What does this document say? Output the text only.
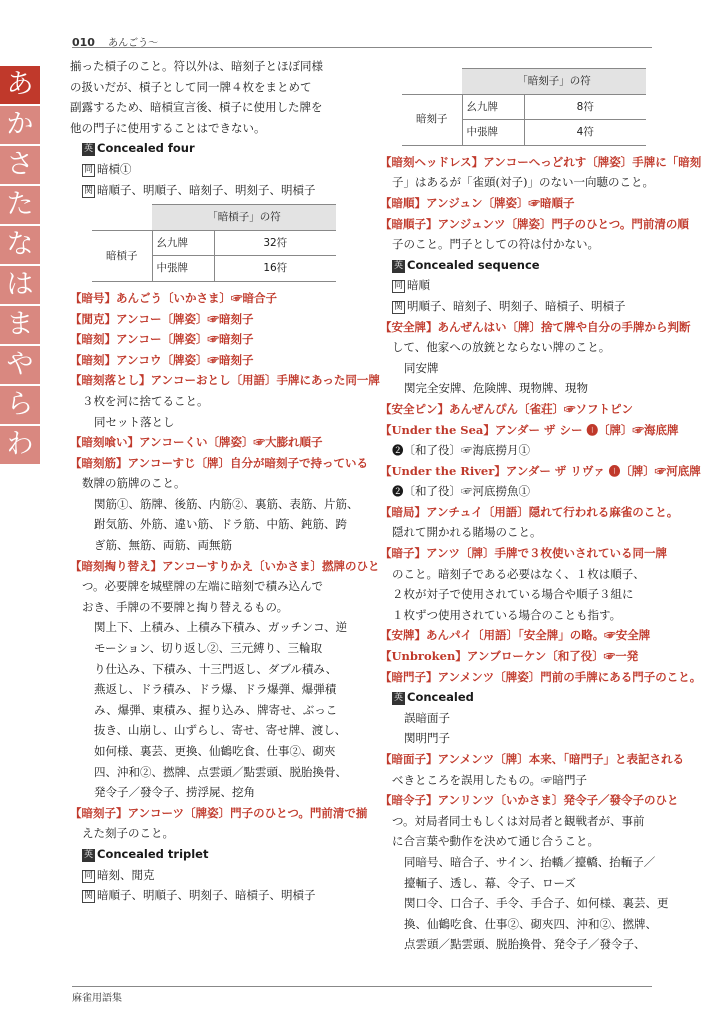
010 あんごう～
あ
か
さ
た
な
は
ま
や
ら
わ
揃った槓子のこと。符以外は、暗刻子とほぼ同様
の扱いだが、槓子として同一牌４枚をまとめて
副露するため、暗槓宣言後、槓子に使用した牌を
他の門子に使用することはできない。
英 Concealed four
同 暗槓①
関 暗順子、明順子、暗刻子、明刻子、明槓子
	「暗槓子」の符	
暗槓子	幺九牌	32符
	中張牌	16符
【暗号】あんごう〔いかさま〕☞暗合子
【閒克】アンコー〔牌姿〕☞暗刻子
【暗刻】アンコー〔牌姿〕☞暗刻子
【暗刻】アンコウ〔牌姿〕☞暗刻子
【暗刻落とし】アンコーおとし〔用語〕手牌にあった同一牌
３枚を河に捨てること。
同セット落とし
【暗刻喰い】アンコーくい〔牌姿〕☞大膨れ順子
【暗刻筋】アンコーすじ〔牌〕自分が暗刻子で持っている
数牌の筋牌のこと。
関筋①、筋牌、後筋、内筋②、裏筋、表筋、片筋、
跗気筋、外筋、違い筋、ドラ筋、中筋、鈍筋、跨
ぎ筋、無筋、両筋、両無筋
【暗刻掏り替え】アンコーすりかえ〔いかさま〕撚牌のひと
つ。必要牌を城壁牌の左端に暗刻で積み込んで
おき、手牌の不要牌と掏り替えるもの。
関上下、上積み、上積み下積み、ガッチンコ、逆
モーション、切り返し②、三元縛り、三輪取
り仕込み、下積み、十三門返し、ダブル積み、
燕返し、ドラ積み、ドラ爆、ドラ爆弾、爆弾積
み、爆弾、東積み、握り込み、牌寄せ、ぶっこ
抜き、山崩し、山ずらし、寄せ、寄せ牌、渡し、
如何様、裏芸、更換、仙鶴吃食、仕事②、砌夾
四、沖和②、撚牌、点雲頭／點雲頭、脱胎換骨、
発令子／發令子、捞浮屍、挖角
【暗刻子】アンコーツ〔牌姿〕門子のひとつ。門前清で揃
えた刻子のこと。
英 Concealed triplet
同 暗刻、閒克
関 暗順子、明順子、明刻子、暗槓子、明槓子
	「暗刻子」の符	
暗刻子	幺九牌	8符
	中張牌	4符
【暗刻ヘッドレス】アンコーへっどれす〔牌姿〕手牌に「暗刻
子」はあるが「雀頭(対子)」のない一向聴のこと。
【暗順】アンジュン〔牌姿〕☞暗順子
【暗順子】アンジュンツ〔牌姿〕門子のひとつ。門前清の順
子のこと。門子としての符は付かない。
英 Concealed sequence
同 暗順
関 明順子、暗刻子、明刻子、暗槓子、明槓子
【安全牌】あんぜんはい〔牌〕捨て牌や自分の手牌から判断
して、他家への放銃とならない牌のこと。
同安牌
関完全安牌、危険牌、現物牌、現物
【安全ピン】あんぜんぴん〔雀荘〕☞ソフトピン
【Under the Sea】アンダー ザ シー ❶〔牌〕☞海底牌
❷〔和了役〕☞海底撈月①
【Under the River】アンダー ザ リヴァ ❶〔牌〕☞河底牌
❷〔和了役〕☞河底撈魚①
【暗局】アンチュイ〔用語〕隠れて行われる麻雀のこと。
隠れて開かれる賭場のこと。
【暗子】アンツ〔牌〕手牌で３枚使いされている同一牌
のこと。暗刻子である必要はなく、１枚は順子、
２枚が対子で使用されている場合や順子３組に
１枚ずつ使用されている場合のことも指す。
【安牌】あんパイ〔用語〕「安全牌」の略。☞安全牌
【Unbroken】アンブローケン〔和了役〕☞一発
【暗門子】アンメンツ〔牌姿〕門前の手牌にある門子のこと。
英 Concealed
誤暗面子
関明門子
【暗面子】アンメンツ〔牌〕本来、「暗門子」と表記される
べきところを誤用したもの。☞暗門子
【暗令子】アンリンツ〔いかさま〕発令子／發令子のひと
つ。対局者同士もしくは対局者と観戦者が、事前
に合言葉や動作を決めて通じ合うこと。
同暗号、暗合子、サイン、抬轎／擡轎、抬輀子／
擡輀子、透し、幕、令子、ローズ
関口令、口合子、手令、手合子、如何様、裏芸、更
換、仙鶴吃食、仕事②、砌夾四、沖和②、撚牌、
点雲頭／點雲頭、脱胎換骨、発令子／發令子、
麻雀用語集
